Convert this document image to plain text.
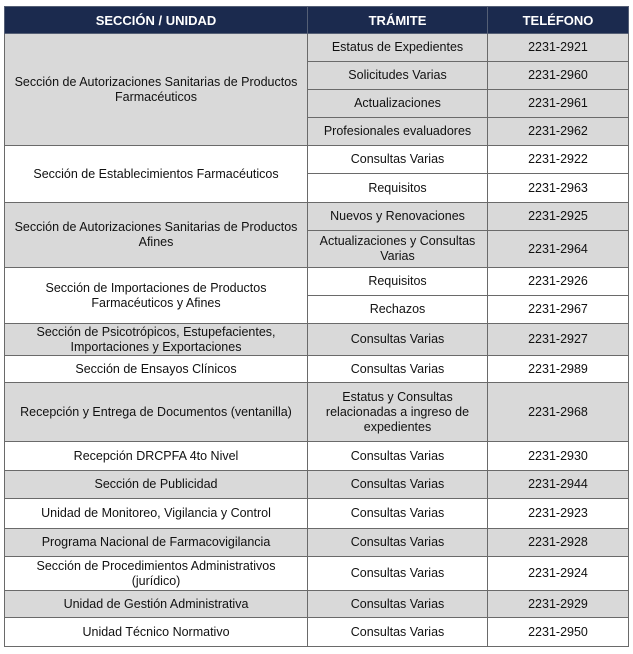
SECCIÓN / UNIDAD	TRÁMITE	TELÉFONO
Sección de Autorizaciones Sanitarias de Productos Farmacéuticos	Estatus de Expedientes	2231-2921
	Solicitudes Varias	2231-2960
	Actualizaciones	2231-2961
	Profesionales evaluadores	2231-2962
Sección de Establecimientos Farmacéuticos	Consultas Varias	2231-2922
	Requisitos	2231-2963
Sección de Autorizaciones Sanitarias de Productos Afines	Nuevos y Renovaciones	2231-2925
	Actualizaciones y Consultas Varias	2231-2964
Sección de Importaciones de Productos Farmacéuticos y Afines	Requisitos	2231-2926
	Rechazos	2231-2967
Sección de Psicotrópicos, Estupefacientes, Importaciones y Exportaciones	Consultas Varias	2231-2927
Sección de Ensayos Clínicos	Consultas Varias	2231-2989
Recepción y Entrega de Documentos (ventanilla)	Estatus y Consultas relacionadas a ingreso de expedientes	2231-2968
Recepción DRCPFA 4to Nivel	Consultas Varias	2231-2930
Sección de Publicidad	Consultas Varias	2231-2944
Unidad de Monitoreo, Vigilancia y Control	Consultas Varias	2231-2923
Programa Nacional de Farmacovigilancia	Consultas Varias	2231-2928
Sección de Procedimientos Administrativos (jurídico)	Consultas Varias	2231-2924
Unidad de Gestión Administrativa	Consultas Varias	2231-2929
Unidad Técnico Normativo	Consultas Varias	2231-2950
